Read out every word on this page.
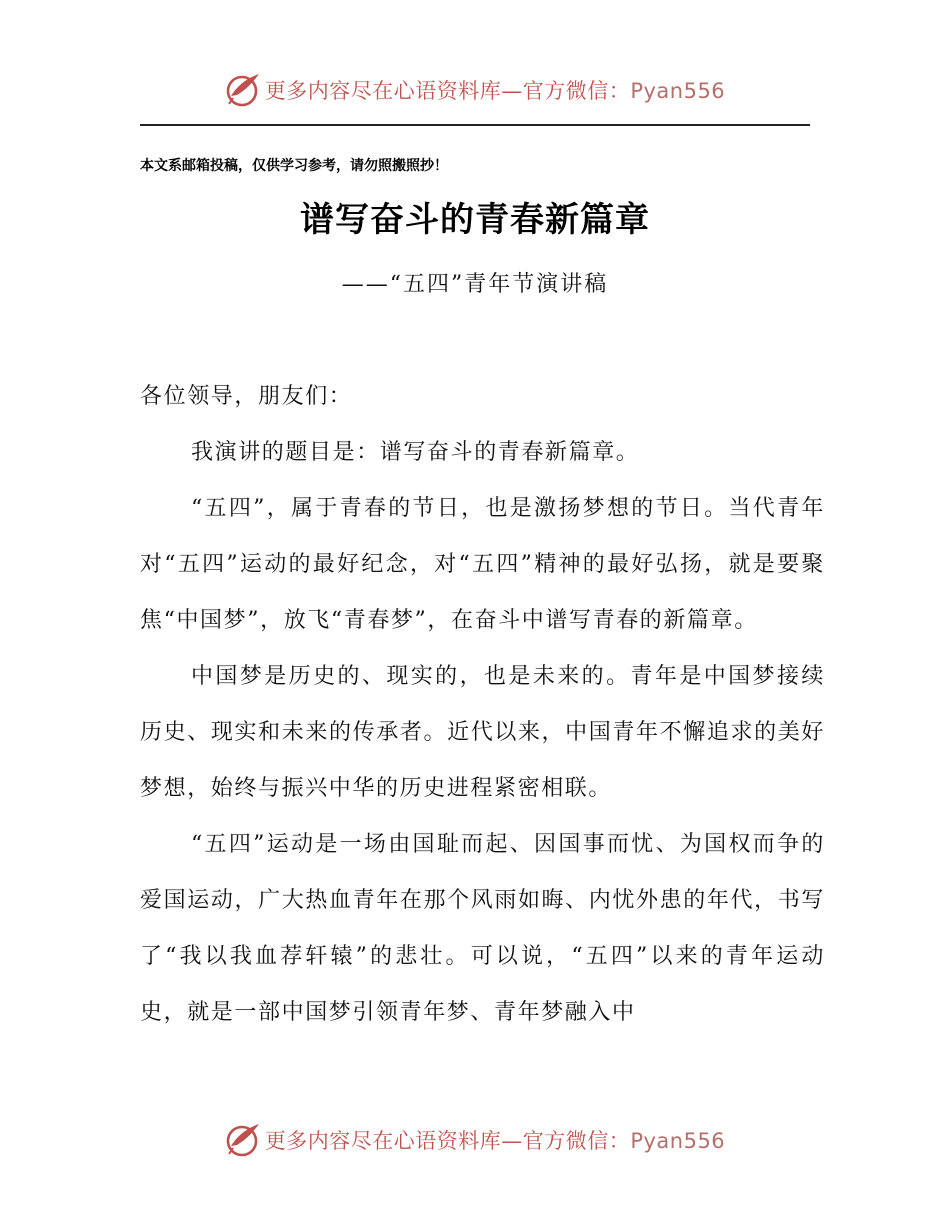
更多内容尽在心语资料库—官方微信：Pyan556
本文系邮箱投稿，仅供学习参考，请勿照搬照抄！
谱写奋斗的青春新篇章
——“五四”青年节演讲稿

各位领导，朋友们：

我演讲的题目是：谱写奋斗的青春新篇章。

“五四”，属于青春的节日，也是激扬梦想的节日。当代青年对“五四”运动的最好纪念，对“五四”精神的最好弘扬，就是要聚焦“中国梦”，放飞“青春梦”，在奋斗中谱写青春的新篇章。

中国梦是历史的、现实的，也是未来的。青年是中国梦接续历史、现实和未来的传承者。近代以来，中国青年不懈追求的美好梦想，始终与振兴中华的历史进程紧密相联。

“五四”运动是一场由国耻而起、因国事而忧、为国权而争的爱国运动，广大热血青年在那个风雨如晦、内忧外患的年代，书写了“我以我血荐轩辕”的悲壮。可以说，“五四”以来的青年运动史，就是一部中国梦引领青年梦、青年梦融入中

更多内容尽在心语资料库—官方微信：Pyan556
